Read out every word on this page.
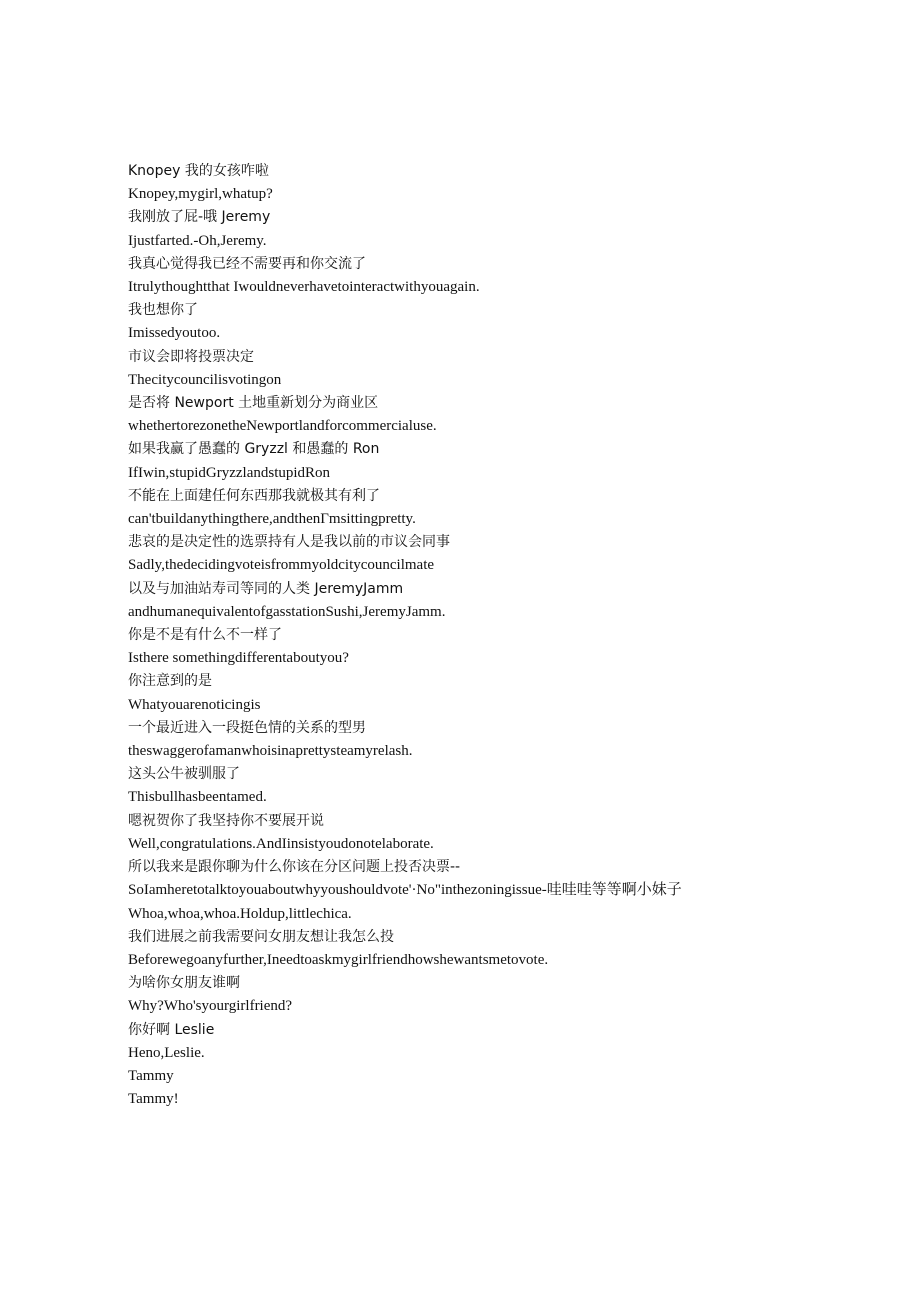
Knopey 我的女孩咋啦
Knopey,mygirl,whatup?
我刚放了屁-哦 Jeremy
Ijustfarted.-Oh,Jeremy.
我真心觉得我已经不需要再和你交流了
Itrulythoughtthat Iwouldneverhavetointeractwithyouagain.
我也想你了
Imissedyoutoo.
市议会即将投票决定
Thecitycouncilisvotingon
是否将 Newport 土地重新划分为商业区
whethertorezonetheNewportlandforcommercialuse.
如果我赢了愚蠢的 Gryzzl 和愚蠢的 Ron
IfIwin,stupidGryzzlandstupidRon
不能在上面建任何东西那我就极其有利了
can'tbuildanythingthere,andthenΓmsittingpretty.
悲哀的是决定性的选票持有人是我以前的市议会同事
Sadly,thedecidingvoteisfrommyoldcitycouncilmate
以及与加油站寿司等同的人类 JeremyJamm
andhumanequivalentofgasstationSushi,JeremyJamm.
你是不是有什么不一样了
Isthere somethingdifferentaboutyou?
你注意到的是
Whatyouarenoticingis
一个最近进入一段挺色情的关系的型男
theswaggerofamanwhoisinaprettysteamyrelash.
这头公牛被驯服了
Thisbullhasbeentamed.
嗯祝贺你了我坚持你不要展开说
Well,congratulations.AndIinsistyoudonotelaborate.
所以我来是跟你聊为什么你该在分区问题上投否决票--
SoIamheretotalktoyouaboutwhyyoushouldvote'·No"inthezoningissue-哇哇哇等等啊小妹子
Whoa,whoa,whoa.Holdup,littlechica.
我们进展之前我需要问女朋友想让我怎么投
Beforewegoanyfurther,Ineedtoaskmygirlfriendhowshewantsmetovote.
为啥你女朋友谁啊
Why?Who'syourgirlfriend?
你好啊 Leslie
Heno,Leslie.
Tammy
Tammy!
